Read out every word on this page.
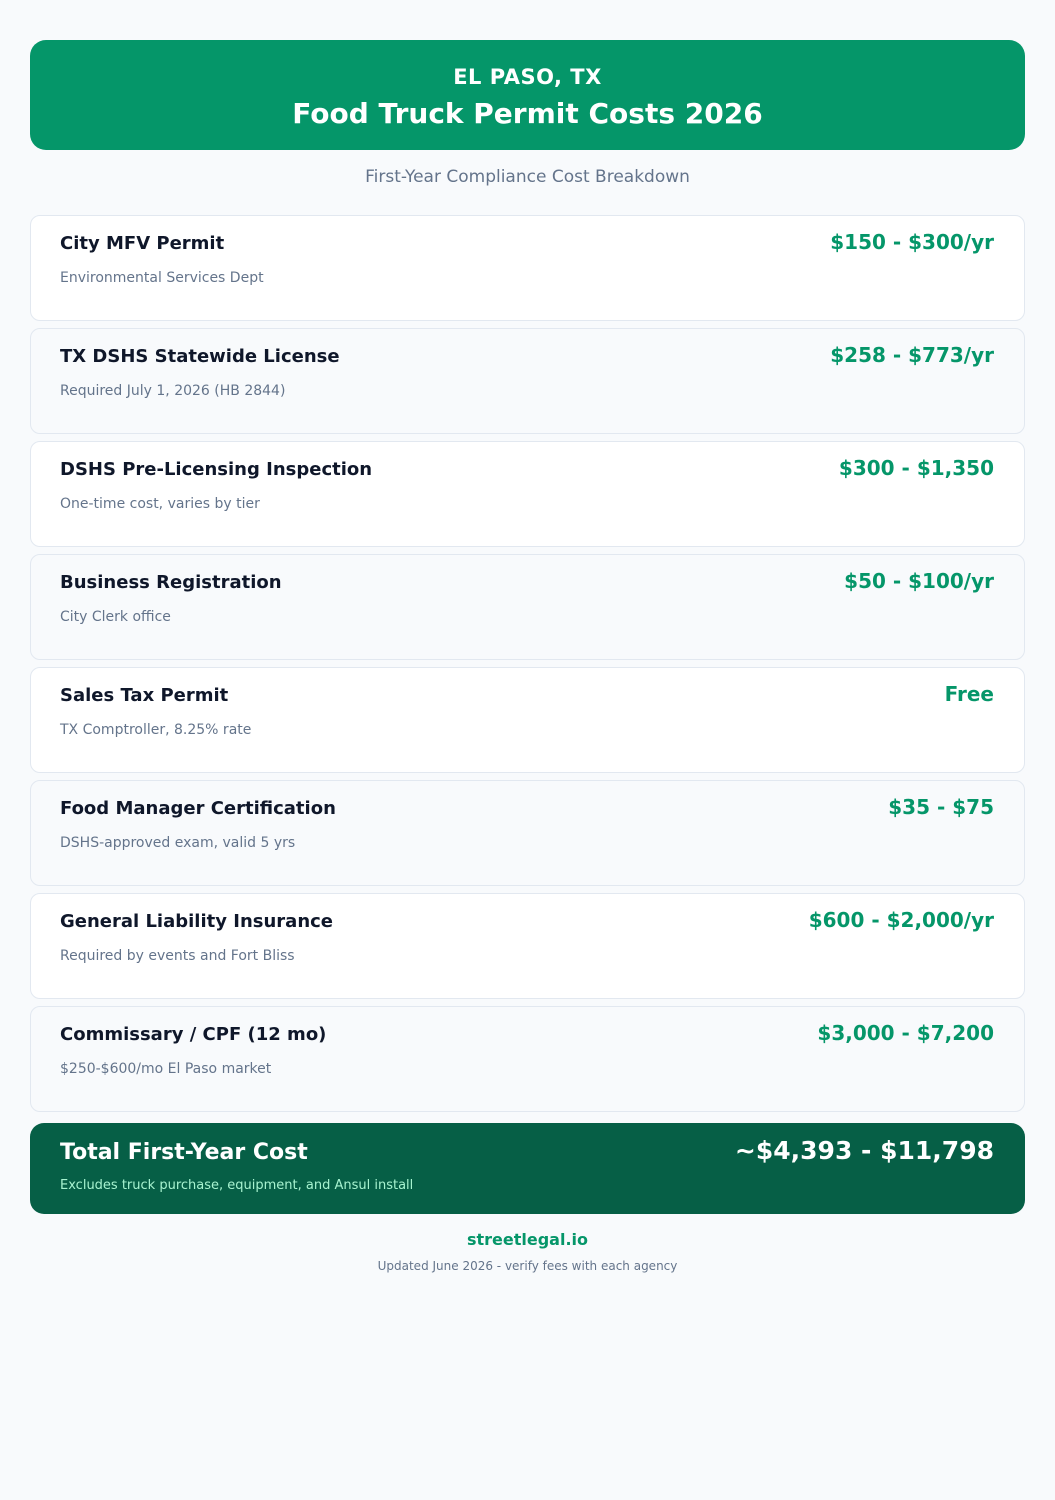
EL PASO, TX
Food Truck Permit Costs 2026
First-Year Compliance Cost Breakdown
City MFV Permit
Environmental Services Dept
$150 - $300/yr
TX DSHS Statewide License
Required July 1, 2026 (HB 2844)
$258 - $773/yr
DSHS Pre-Licensing Inspection
One-time cost, varies by tier
$300 - $1,350
Business Registration
City Clerk office
$50 - $100/yr
Sales Tax Permit
TX Comptroller, 8.25% rate
Free
Food Manager Certification
DSHS-approved exam, valid 5 yrs
$35 - $75
General Liability Insurance
Required by events and Fort Bliss
$600 - $2,000/yr
Commissary / CPF (12 mo)
$250-$600/mo El Paso market
$3,000 - $7,200
Total First-Year Cost
Excludes truck purchase, equipment, and Ansul install
~$4,393 - $11,798
streetlegal.io
Updated June 2026 - verify fees with each agency
